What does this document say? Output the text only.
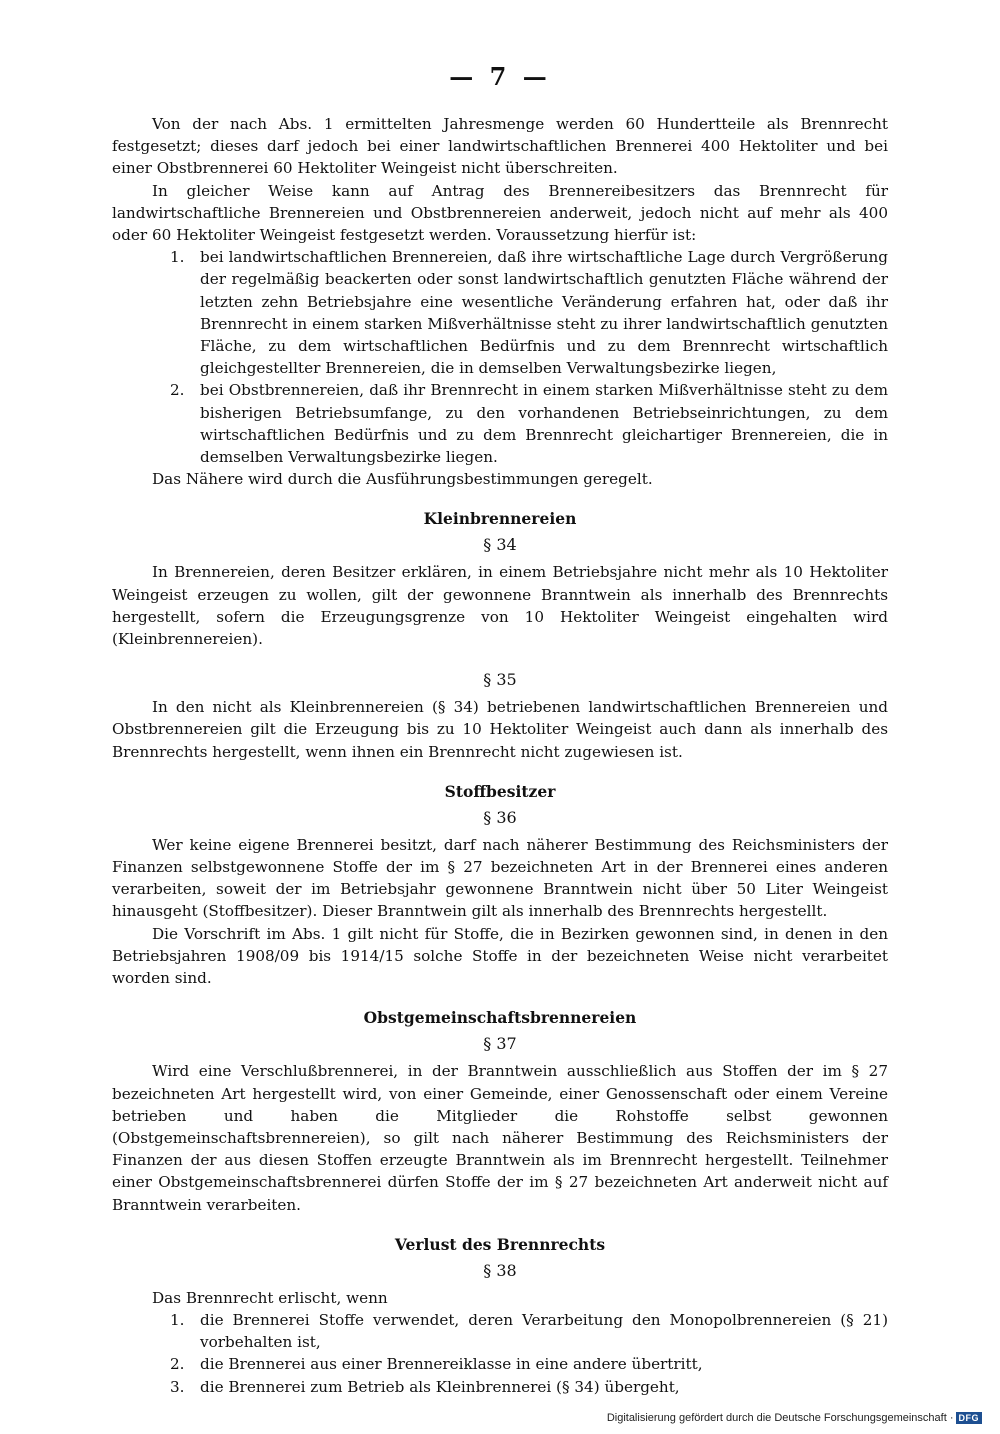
— 7 —

Von der nach Abs. 1 ermittelten Jahresmenge werden 60 Hundertteile als Brennrecht festgesetzt; dieses darf jedoch bei einer landwirtschaftlichen Brennerei 400 Hektoliter und bei einer Obstbrennerei 60 Hektoliter Weingeist nicht überschreiten.

In gleicher Weise kann auf Antrag des Brennereibesitzers das Brennrecht für landwirtschaftliche Brennereien und Obstbrennereien anderweit, jedoch nicht auf mehr als 400 oder 60 Hektoliter Weingeist festgesetzt werden. Voraussetzung hierfür ist:

1.	bei landwirtschaftlichen Brennereien, daß ihre wirtschaftliche Lage durch Vergrößerung der regelmäßig beackerten oder sonst landwirtschaftlich genutzten Fläche während der letzten zehn Betriebsjahre eine wesentliche Veränderung erfahren hat, oder daß ihr Brennrecht in einem starken Mißverhältnisse steht zu ihrer landwirtschaftlich genutzten Fläche, zu dem wirtschaftlichen Bedürfnis und zu dem Brennrecht wirtschaftlich gleichgestellter Brennereien, die in demselben Verwaltungsbezirke liegen,
2.	bei Obstbrennereien, daß ihr Brennrecht in einem starken Mißverhältnisse steht zu dem bisherigen Betriebsumfange, zu den vorhandenen Betriebseinrichtungen, zu dem wirtschaftlichen Bedürfnis und zu dem Brennrecht gleichartiger Brennereien, die in demselben Verwaltungsbezirke liegen.

Das Nähere wird durch die Ausführungsbestimmungen geregelt.

Kleinbrennereien
§ 34

In Brennereien, deren Besitzer erklären, in einem Betriebsjahre nicht mehr als 10 Hektoliter Weingeist erzeugen zu wollen, gilt der gewonnene Branntwein als innerhalb des Brennrechts hergestellt, sofern die Erzeugungsgrenze von 10 Hektoliter Weingeist eingehalten wird (Kleinbrennereien).

§ 35

In den nicht als Kleinbrennereien (§ 34) betriebenen landwirtschaftlichen Brennereien und Obstbrennereien gilt die Erzeugung bis zu 10 Hektoliter Weingeist auch dann als innerhalb des Brennrechts hergestellt, wenn ihnen ein Brennrecht nicht zugewiesen ist.

Stoffbesitzer
§ 36

Wer keine eigene Brennerei besitzt, darf nach näherer Bestimmung des Reichsministers der Finanzen selbstgewonnene Stoffe der im § 27 bezeichneten Art in der Brennerei eines anderen verarbeiten, soweit der im Betriebsjahr gewonnene Branntwein nicht über 50 Liter Weingeist hinausgeht (Stoffbesitzer). Dieser Branntwein gilt als innerhalb des Brennrechts hergestellt.

Die Vorschrift im Abs. 1 gilt nicht für Stoffe, die in Bezirken gewonnen sind, in denen in den Betriebsjahren 1908/09 bis 1914/15 solche Stoffe in der bezeichneten Weise nicht verarbeitet worden sind.

Obstgemeinschaftsbrennereien
§ 37

Wird eine Verschlußbrennerei, in der Branntwein ausschließlich aus Stoffen der im § 27 bezeichneten Art hergestellt wird, von einer Gemeinde, einer Genossenschaft oder einem Vereine betrieben und haben die Mitglieder die Rohstoffe selbst gewonnen (Obstgemeinschaftsbrennereien), so gilt nach näherer Bestimmung des Reichsministers der Finanzen der aus diesen Stoffen erzeugte Branntwein als im Brennrecht hergestellt. Teilnehmer einer Obstgemeinschaftsbrennerei dürfen Stoffe der im § 27 bezeichneten Art anderweit nicht auf Branntwein verarbeiten.

Verlust des Brennrechts
§ 38

Das Brennrecht erlischt, wenn

1.	die Brennerei Stoffe verwendet, deren Verarbeitung den Monopolbrennereien (§ 21) vorbehalten ist,
2.	die Brennerei aus einer Brennereiklasse in eine andere übertritt,
3.	die Brennerei zum Betrieb als Kleinbrennerei (§ 34) übergeht,
Digitalisierung gefördert durch die Deutsche Forschungsgemeinschaft · DFG
